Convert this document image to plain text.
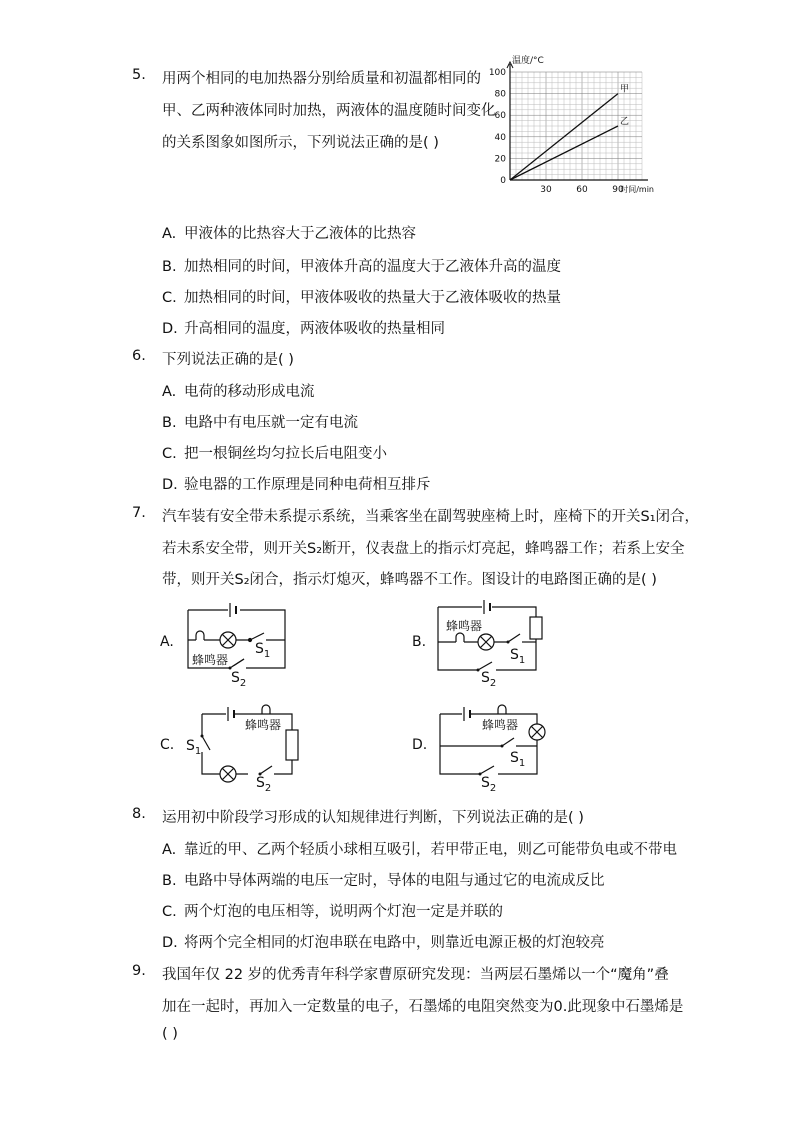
5. 用两个相同的电加热器分别给质量和初温都相同的
甲、乙两种液体同时加热，两液体的温度随时间变化
的关系图象如图所示，下列说法正确的是( )
甲
乙
20
40
60
80
100
30	60	90
0
温度/°C
时间/min
A. 甲液体的比热容大于乙液体的比热容
B. 加热相同的时间，甲液体升高的温度大于乙液体升高的温度
C. 加热相同的时间，甲液体吸收的热量大于乙液体吸收的热量
D. 升高相同的温度，两液体吸收的热量相同
6. 下列说法正确的是( )
A. 电荷的移动形成电流
B. 电路中有电压就一定有电流
C. 把一根铜丝均匀拉长后电阻变小
D. 验电器的工作原理是同种电荷相互排斥
7. 汽车装有安全带未系提示系统，当乘客坐在副驾驶座椅上时，座椅下的开关S₁闭合，
若未系安全带，则开关S₂断开，仪表盘上的指示灯亮起，蜂鸣器工作；若系上安全
带，则开关S₂闭合，指示灯熄灭，蜂鸣器不工作。图设计的电路图正确的是( )
A.
蜂鸣器
$S_1$
$S_2$
B.
蜂鸣器
$S_1$
$S_2$
C.
蜂鸣器
$S_1$
$S_2$
D.
蜂鸣器
$S_1$
$S_2$
8. 运用初中阶段学习形成的认知规律进行判断，下列说法正确的是( )
A. 靠近的甲、乙两个轻质小球相互吸引，若甲带正电，则乙可能带负电或不带电
B. 电路中导体两端的电压一定时，导体的电阻与通过它的电流成反比
C. 两个灯泡的电压相等，说明两个灯泡一定是并联的
D. 将两个完全相同的灯泡串联在电路中，则靠近电源正极的灯泡较亮
9. 我国年仅 22 岁的优秀青年科学家曹原研究发现：当两层石墨烯以一个“魔角”叠
加在一起时，再加入一定数量的电子，石墨烯的电阻突然变为0.此现象中石墨烯是
( )
